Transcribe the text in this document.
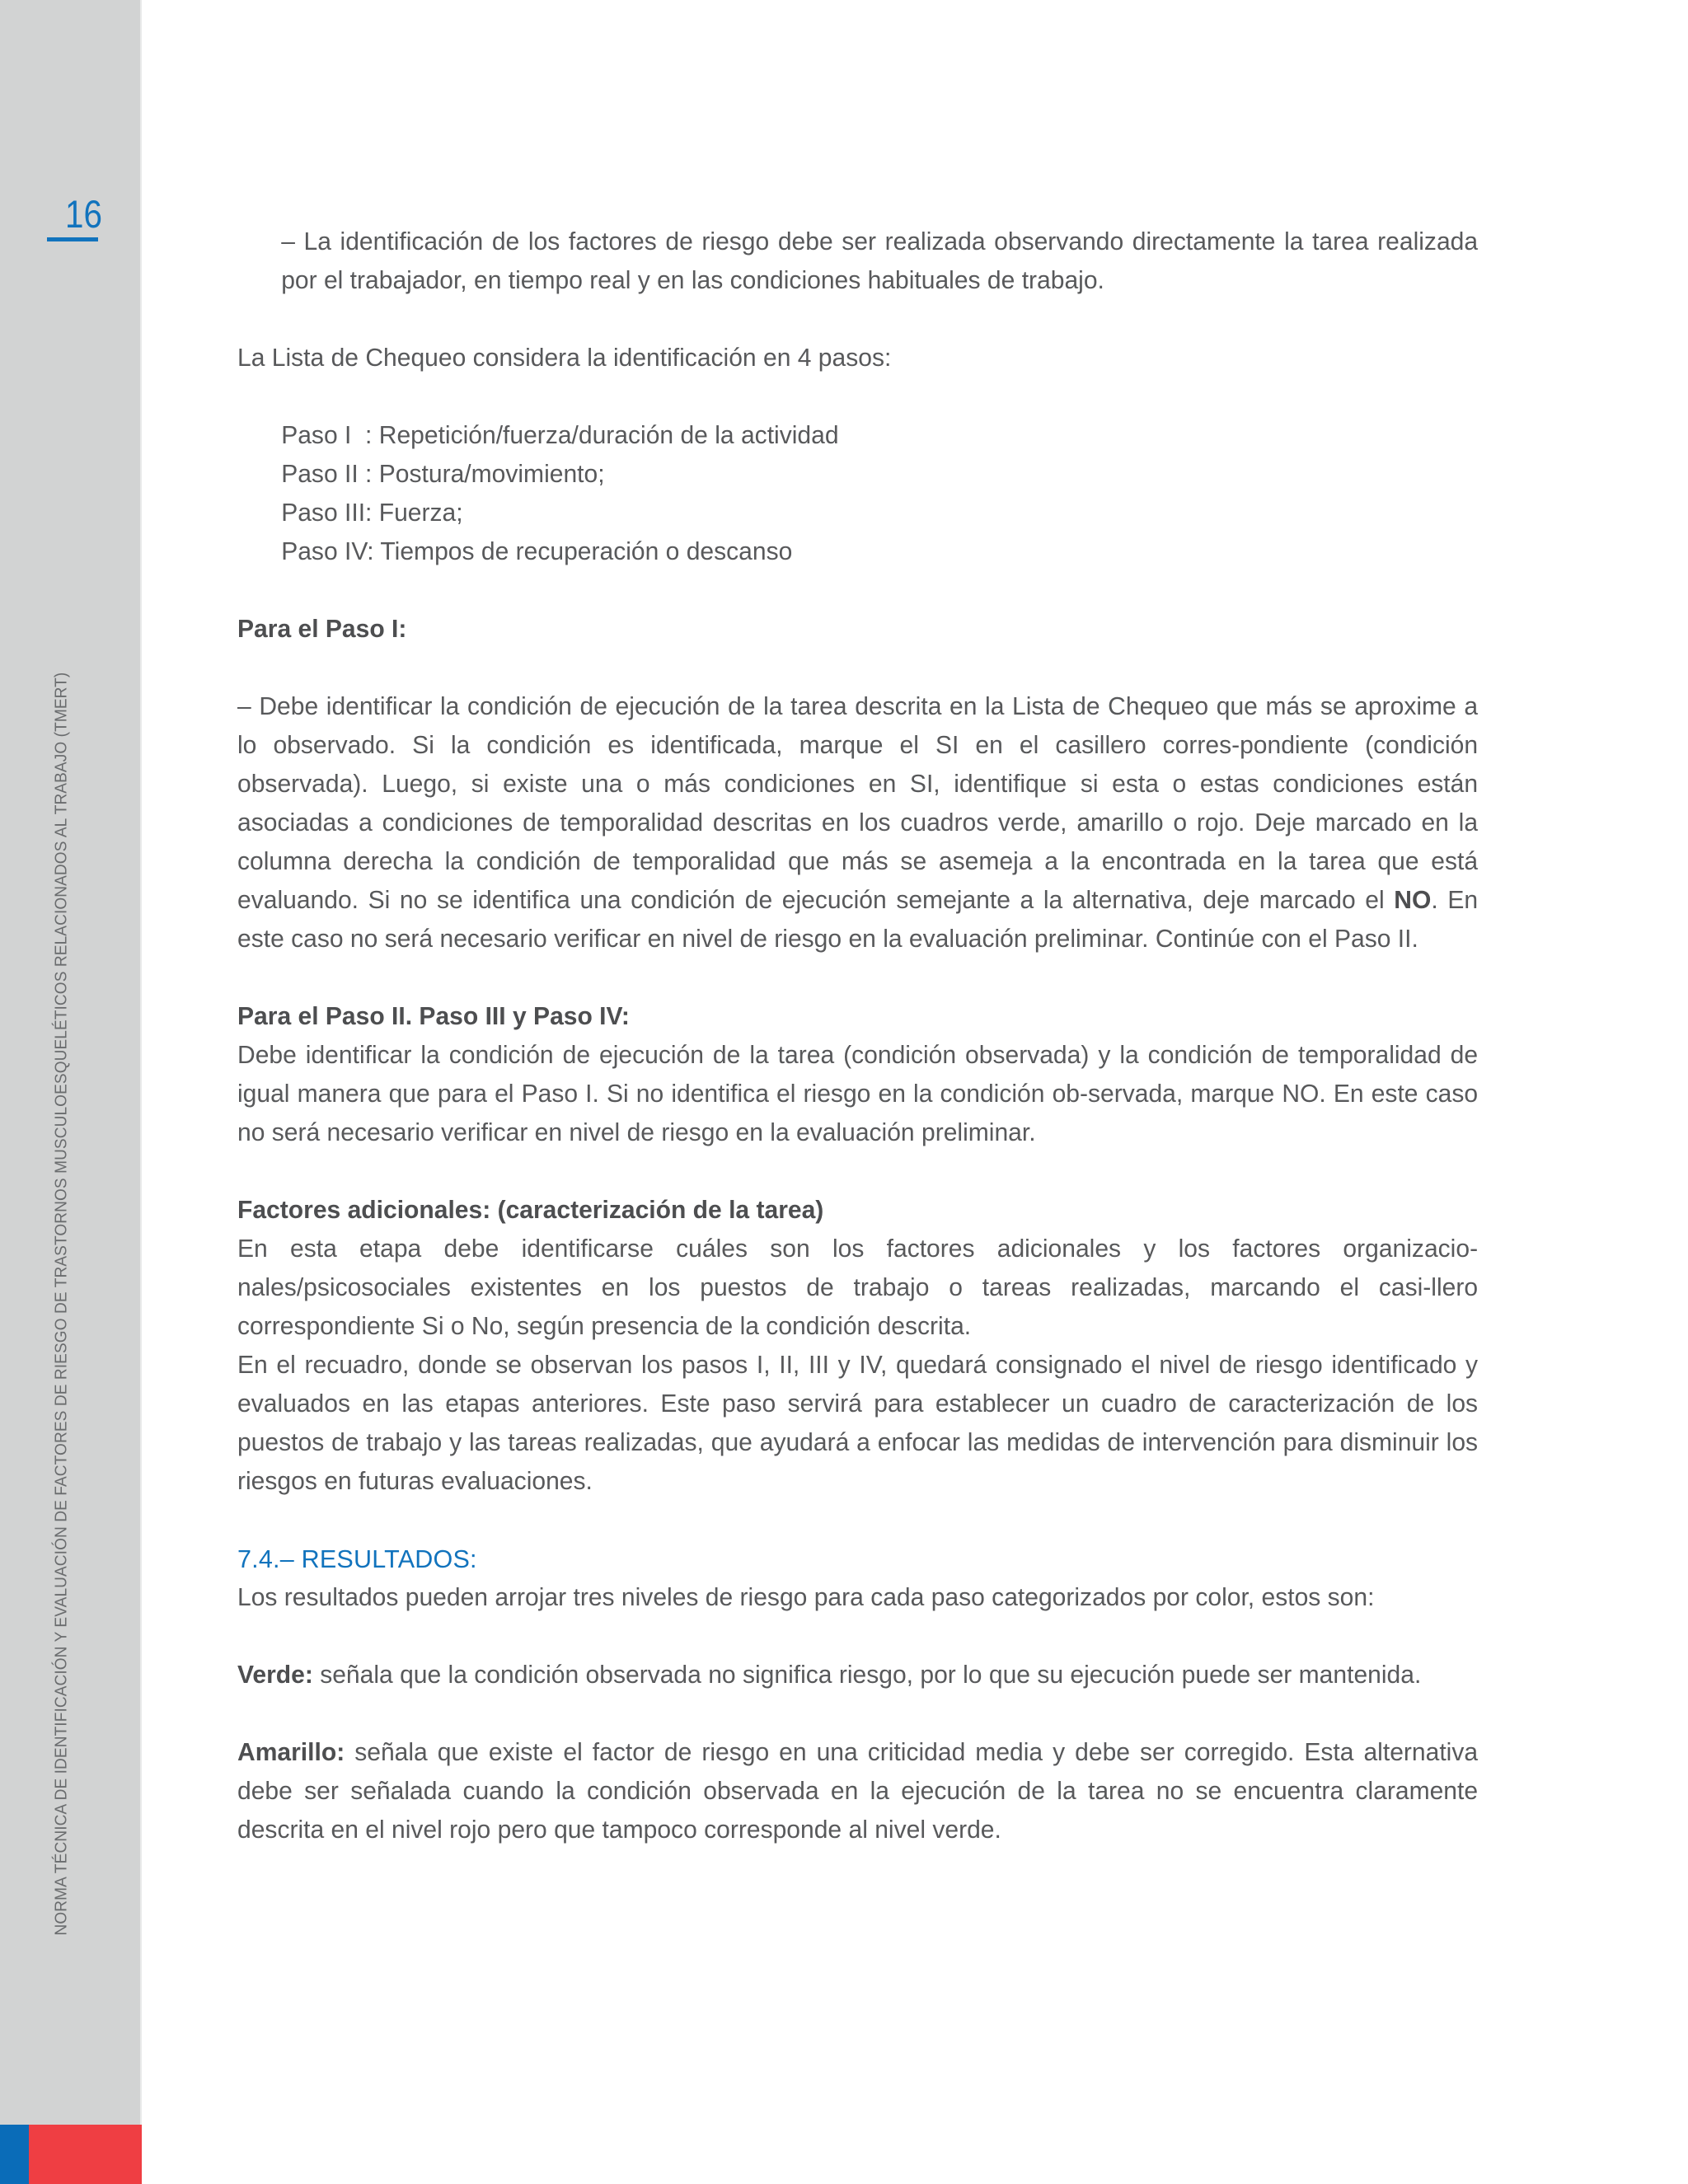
16
NORMA TÉCNICA DE IDENTIFICACIÓN Y EVALUACIÓN DE FACTORES DE RIESGO DE TRASTORNOS MUSCULOESQUELÉTICOS RELACIONADOS AL TRABAJO (TMERT)

– La identificación de los factores de riesgo debe ser realizada observando directamente la tarea realizada por el trabajador, en tiempo real y en las condiciones habituales de trabajo.

La Lista de Chequeo considera la identificación en 4 pasos:

Paso I  : Repetición/fuerza/duración de la actividad

Paso II : Postura/movimiento;

Paso III: Fuerza;

Paso IV: Tiempos de recuperación o descanso

Para el Paso I:

– Debe identificar la condición de ejecución de la tarea descrita en la Lista de Chequeo que más se aproxime a lo observado. Si la condición es identificada, marque el SI en el casillero corres-pondiente (condición observada). Luego, si existe una o más condiciones en SI, identifique si esta o estas condiciones están asociadas a condiciones de temporalidad descritas en los cuadros verde, amarillo o rojo. Deje marcado en la columna derecha la condición de temporalidad que más se asemeja a la encontrada en la tarea que está evaluando. Si no se identifica una condición de ejecución semejante a la alternativa, deje marcado el NO. En este caso no será necesario verificar en nivel de riesgo en la evaluación preliminar. Continúe con el Paso II.

Para el Paso II. Paso III y Paso IV:

Debe identificar la condición de ejecución de la tarea (condición observada) y la condición de temporalidad de igual manera que para el Paso I. Si no identifica el riesgo en la condición ob-servada, marque NO. En este caso no será necesario verificar en nivel de riesgo en la evaluación preliminar.

Factores adicionales: (caracterización de la tarea)

En esta etapa debe identificarse cuáles son los factores adicionales y los factores organizacio-nales/psicosociales existentes en los puestos de trabajo o tareas realizadas, marcando el casi-llero correspondiente Si o No, según presencia de la condición descrita.

En el recuadro, donde se observan los pasos I, II, III y IV, quedará consignado el nivel de riesgo identificado y evaluados en las etapas anteriores. Este paso servirá para establecer un cuadro de caracterización de los puestos de trabajo y las tareas realizadas, que ayudará a enfocar las medidas de intervención para disminuir los riesgos en futuras evaluaciones.

7.4.– RESULTADOS:

Los resultados pueden arrojar tres niveles de riesgo para cada paso categorizados por color, estos son:

Verde: señala que la condición observada no significa riesgo, por lo que su ejecución puede ser mantenida.

Amarillo: señala que existe el factor de riesgo en una criticidad media y debe ser corregido. Esta alternativa debe ser señalada cuando la condición observada en la ejecución de la tarea no se encuentra claramente descrita en el nivel rojo pero que tampoco corresponde al nivel verde.
